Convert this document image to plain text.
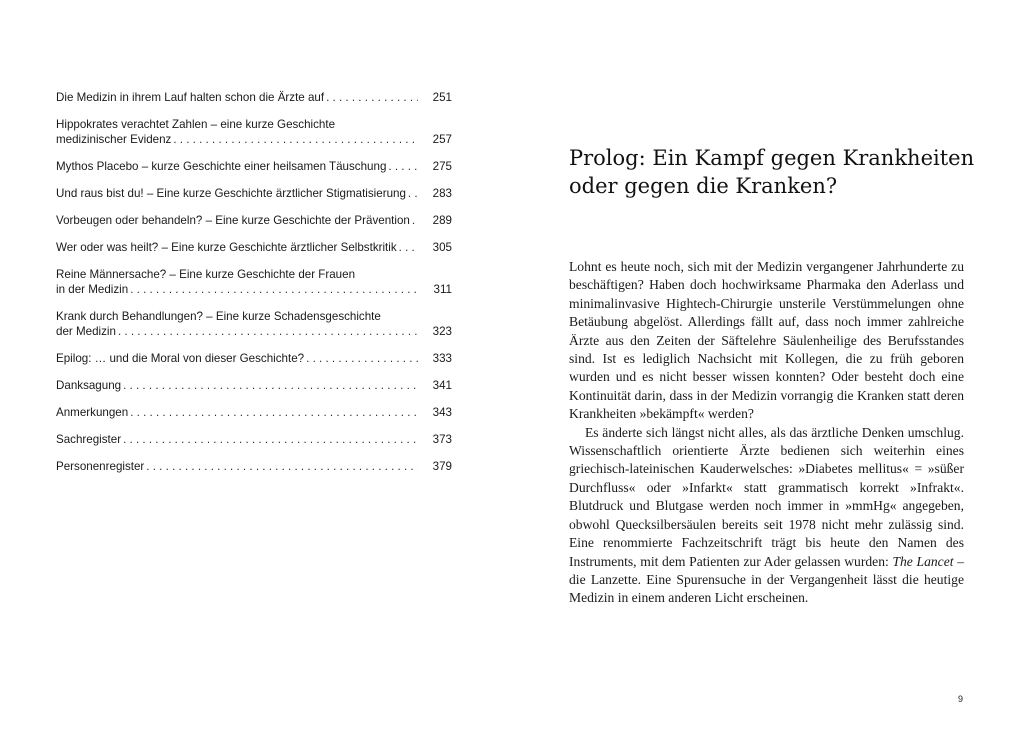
Die Medizin in ihrem Lauf halten schon die Ärzte auf . . .	251
Hippokrates verachtet Zahlen – eine kurze Geschichte
medizinischer Evidenz . . .	257
Mythos Placebo – kurze Geschichte einer heilsamen Täuschung . . .	275
Und raus bist du! – Eine kurze Geschichte ärztlicher Stigmatisierung . . .	283
Vorbeugen oder behandeln? – Eine kurze Geschichte der Prävention . . .	289
Wer oder was heilt? – Eine kurze Geschichte ärztlicher Selbstkritik . . .	305
Reine Männersache? – Eine kurze Geschichte der Frauen
in der Medizin . . .	311
Krank durch Behandlungen? – Eine kurze Schadensgeschichte
der Medizin . . .	323
Epilog: … und die Moral von dieser Geschichte? . . .	333
Danksagung . . .	341
Anmerkungen . . .	343
Sachregister . . .	373
Personenregister . . .	379
Prolog: Ein Kampf gegen Krankheiten oder gegen die Kranken?

Lohnt es heute noch, sich mit der Medizin vergangener Jahrhunderte zu beschäftigen? Haben doch hochwirksame Pharmaka den Aderlass und minimalinvasive Hightech-Chirurgie unsterile Verstümmelungen ohne Betäubung abgelöst. Allerdings fällt auf, dass noch immer zahlreiche Ärzte aus den Zeiten der Säftelehre Säulenheilige des Berufsstandes sind. Ist es lediglich Nachsicht mit Kollegen, die zu früh geboren wurden und es nicht besser wissen konnten? Oder besteht doch eine Kontinuität darin, dass in der Medizin vorrangig die Kranken statt deren Krankheiten »bekämpft« werden?

Es änderte sich längst nicht alles, als das ärztliche Denken umschlug. Wissenschaftlich orientierte Ärzte bedienen sich weiterhin eines griechisch-lateinischen Kauderwelsches: »Diabetes mellitus« = »süßer Durchfluss« oder »Infarkt« statt grammatisch korrekt »Infrakt«. Blutdruck und Blutgase werden noch immer in »mmHg« angegeben, obwohl Quecksilbersäulen bereits seit 1978 nicht mehr zulässig sind. Eine renommierte Fachzeitschrift trägt bis heute den Namen des Instruments, mit dem Patienten zur Ader gelassen wurden: The Lancet – die Lanzette. Eine Spurensuche in der Vergangenheit lässt die heutige Medizin in einem anderen Licht erscheinen.

9
